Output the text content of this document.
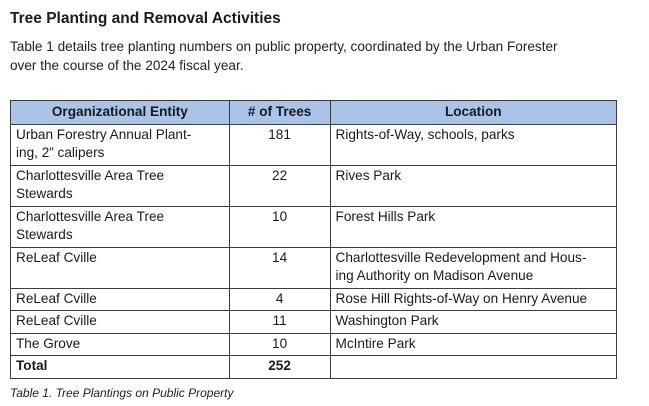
Tree Planting and Removal Activities

Table 1 details tree planting numbers on public property, coordinated by the Urban Forester
over the course of the 2024 fiscal year.

Organizational Entity	# of Trees	Location
Urban Forestry Annual Plant-
ing, 2” calipers	181	Rights-of-Way, schools, parks
Charlottesville Area Tree
Stewards	22	Rives Park
Charlottesville Area Tree
Stewards	10	Forest Hills Park
ReLeaf Cville	14	Charlottesville Redevelopment and Hous-
ing Authority on Madison Avenue
ReLeaf Cville	4	Rose Hill Rights-of-Way on Henry Avenue
ReLeaf Cville	11	Washington Park
The Grove	10	McIntire Park
Total	252	
Table 1. Tree Plantings on Public Property
